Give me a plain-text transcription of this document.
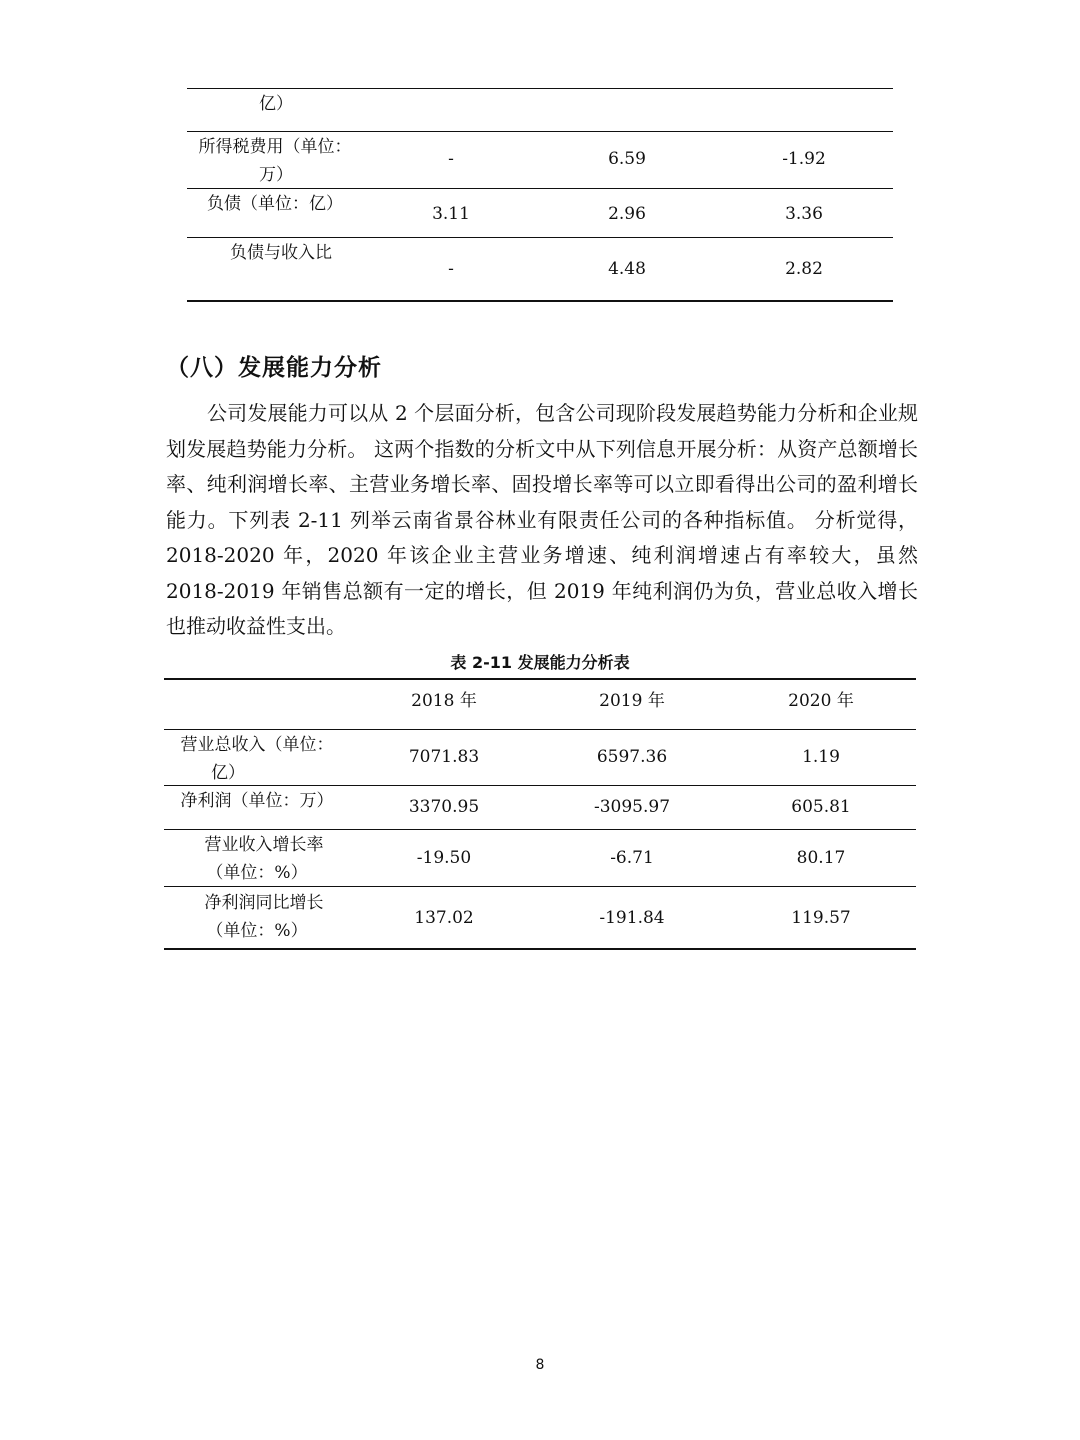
亿）
所得税费用（单位：
万）
-	6.59	-1.92
负债（单位：亿）	3.11	2.96	3.36
负债与收入比
-	4.48	2.82
（八）发展能力分析

公司发展能力可以从 2 个层面分析，包含公司现阶段发展趋势能力分析和企业规划发展趋势能力分析。 这两个指数的分析文中从下列信息开展分析：从资产总额增长率、纯利润增长率、主营业务增长率、固投增长率等可以立即看得出公司的盈利增长能力。下列表 2-11 列举云南省景谷林业有限责任公司的各种指标值。 分析觉得，2018-2020 年，2020 年该企业主营业务增速、纯利润增速占有率较大，虽然 2018-2019 年销售总额有一定的增长，但 2019 年纯利润仍为负，营业总收入增长也推动收益性支出。

表 2-11 发展能力分析表
2018 年	2019 年	2020 年
营业总收入（单位：
亿）
7071.83	6597.36	1.19
净利润（单位：万）	3370.95	-3095.97	605.81
营业收入增长率
（单位：%）
-19.50	-6.71	80.17
净利润同比增长
（单位：%）
137.02	-191.84	119.57
8
